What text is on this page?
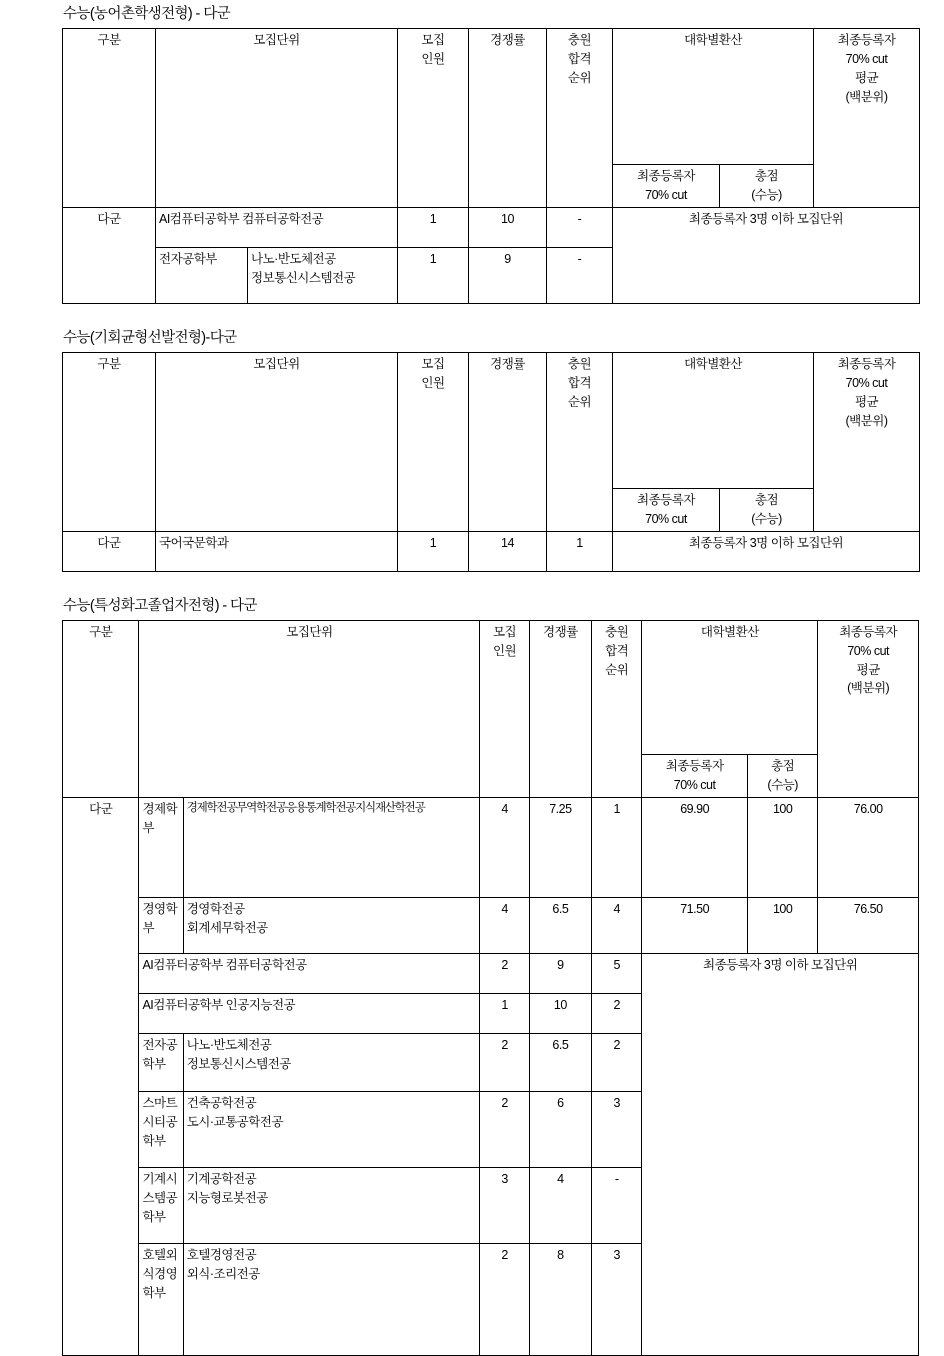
수능(농어촌학생전형) - 다군
구분	모집단위		모집
인원	경쟁률	충원
합격
순위	대학별환산		최종등록자
70% cut
평균
(백분위)

						최종등록자
70% cut	총점
(수능)	

다군	AI컴퓨터공학부 컴퓨터공학전공		1	10	-	최종등록자 3명 이하 모집단위		
	전자공학부	나노·반도체전공
정보통신시스템전공	1	9	-			
수능(기회균형선발전형)-다군
구분	모집단위	모집
인원	경쟁률	충원
합격
순위	대학별환산		최종등록자
70% cut
평균
(백분위)

					최종등록자
70% cut	총점
(수능)	

다군	국어국문학과	1	14	1	최종등록자 3명 이하 모집단위		
수능(특성화고졸업자전형) - 다군
구분	모집단위		모집
인원	경쟁률	충원
합격
순위	대학별환산		최종등록자
70% cut
평균
(백분위)

						최종등록자
70% cut	총점
(수능)	

다군	경제학부	경제학전공무역학전공응용통계학전공지식재산학전공	4	7.25	1	69.90	100	76.00

	경영학부	경영학전공
회계세무학전공	4	6.5	4	71.50	100	76.50
	AI컴퓨터공학부 컴퓨터공학전공		2	9	5	최종등록자 3명 이하 모집단위		
	AI컴퓨터공학부 인공지능전공		1	10	2			

	전자공학부	나노·반도체전공
정보통신시스템전공	2	6.5	2			

	스마트시티공학부	건축공학전공
도시·교통공학전공	2	6	3			

	기계시스템공학부	기계공학전공
지능형로봇전공	3	4	-			

	호텔외식경영학부	호텔경영전공
외식·조리전공	2	8	3			
